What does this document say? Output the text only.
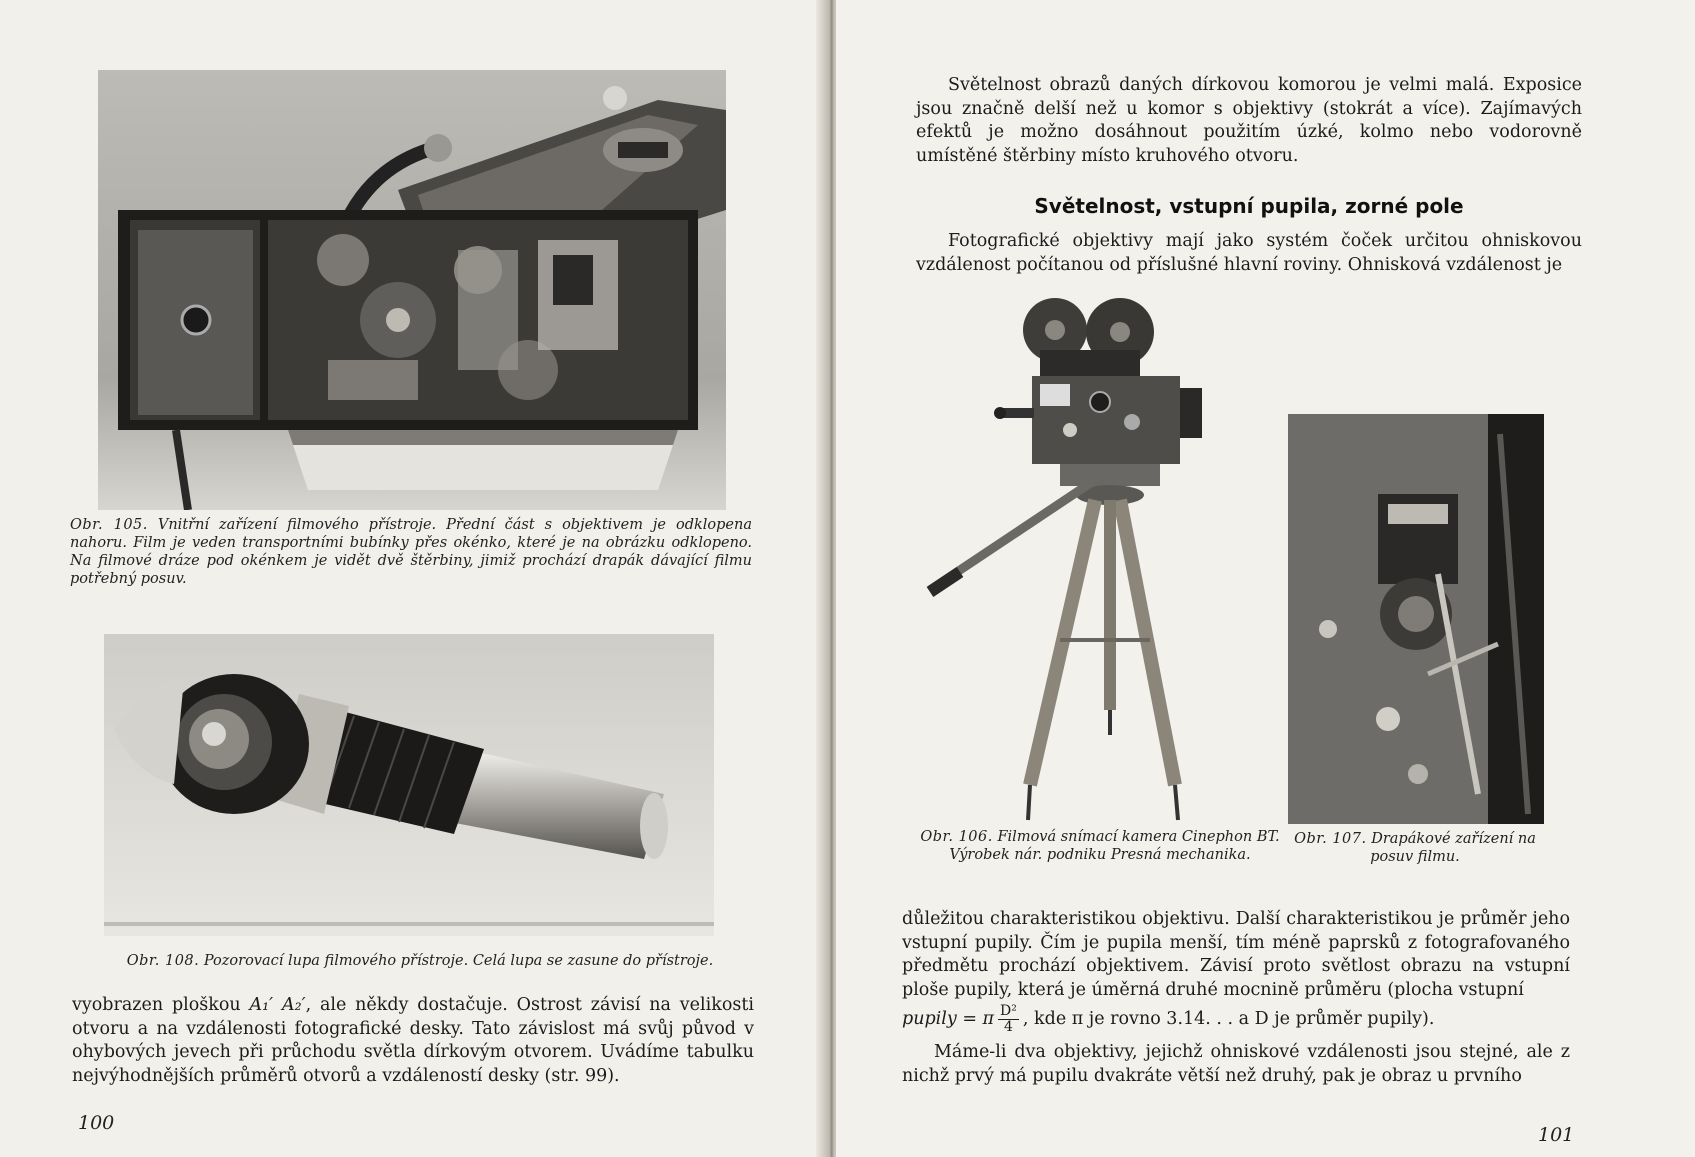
Obr. 105. Vnitřní zařízení filmového přístroje. Přední část s objektivem je odklopena nahoru. Film je veden transportními bubínky přes okénko, které je na obrázku odklopeno. Na filmové dráze pod okénkem je vidět dvě štěrbiny, jimiž prochází drapák dávající filmu potřebný posuv.
Obr. 108. Pozorovací lupa filmového přístroje. Celá lupa se zasune do přístroje.

vyobrazen ploškou A₁′ A₂′, ale někdy dostačuje. Ostrost závisí na velikosti otvoru a na vzdálenosti fotografické desky. Tato závislost má svůj původ v ohybových jevech při průchodu světla dírkovým otvorem. Uvádíme tabulku nejvýhodnějších průměrů otvorů a vzdáleností desky (str. 99).

100

Světelnost obrazů daných dírkovou komorou je velmi malá. Exposice jsou značně delší než u komor s objektivy (stokrát a více). Zajímavých efektů je možno dosáhnout použitím úzké, kolmo nebo vodorovně umístěné štěrbiny místo kruhového otvoru.

Světelnost, vstupní pupila, zorné pole

Fotografické objektivy mají jako systém čoček určitou ohniskovou vzdálenost počítanou od příslušné hlavní roviny. Ohnisková vzdálenost je

Obr. 106. Filmová snímací kamera Cinephon BT. Výrobek nár. podniku Presná mechanika.
Obr. 107. Drapákové zařízení na posuv filmu.

důležitou charakteristikou objektivu. Další charakteristikou je průměr jeho vstupní pupily. Čím je pupila menší, tím méně paprsků z fotografovaného předmětu prochází objektivem. Závisí proto světlost obrazu na vstupní ploše pupily, která je úměrná druhé mocnině průměru (plocha vstupní

pupily = π $\frac{\text{D²}}{4}$ , kde π je rovno 3.14. . . a D je průměr pupily).

Máme-li dva objektivy, jejichž ohniskové vzdálenosti jsou stejné, ale z nichž prvý má pupilu dvakráte větší než druhý, pak je obraz u prvního

101
